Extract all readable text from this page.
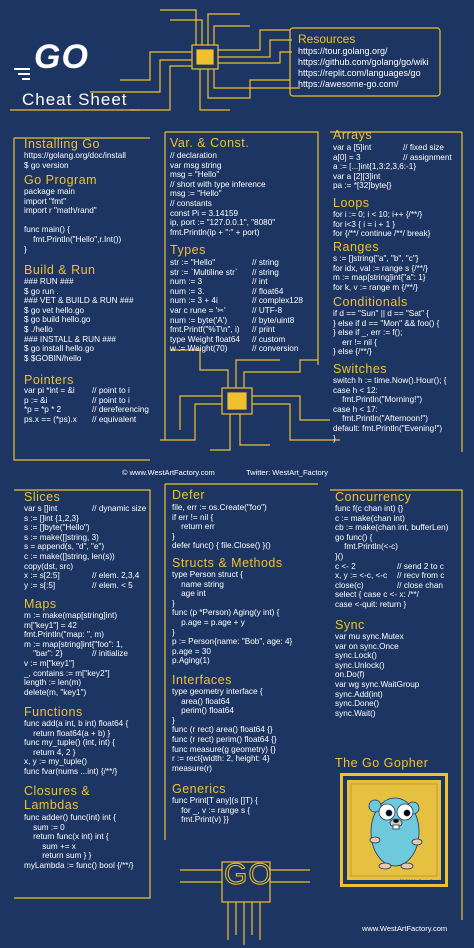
GO
Cheat Sheet
Resources
https://tour.golang.org/
https://github.com/golang/go/wiki
https://replit.com/languages/go
https://awesome-go.com/
Installing Go
https://golang.org/doc/install
$ go version
Go Program
package main
import "fmt"
import r "math/rand"

func main() {
fmt.Println("Hello",r.Int())
}
Build & Run
### RUN ###
$ go run .
### VET & BUILD & RUN ###
$ go vet hello.go
$ go build hello.go
$ ./hello
### INSTALL & RUN ###
$ go install hello.go
$ $GOBIN/hello
Pointers
var pi *int = &i // point to i
p := &i	// point to i
*p = *p * 2	// dereferencing
ps.x == (*ps).x // equivalent
Var. & Const.
// declaration
var msg string
msg = "Hello"
// short with type inference
msg := "Hello"
// constants
const Pi = 3.14159
ip, port := "127.0.0.1", "8080"
fmt.Println(ip + ":" + port)
Types
str := "Hello"	// string
str := `Multiline str` // string
num := 3	// int
num := 3.	// float64
num := 3 + 4i	// complex128
var c rune = '✂'	// UTF-8
num := byte('A')	// byte/uint8
fmt.Printf("%T\n", i) // print
type Weight float64 // custom
w := Weight(70)	// conversion
Arrays
var a [5]int	// fixed size
a[0] = 3	// assignment
a := [...]int{1,3:2,3,6:-1}
var a [2][3]int
pa := *[32]byte{}
Loops
for i := 0; i < 10; i++ {/**/}
for i<3 { i = i + 1 }
for {/**/ continue /**/ break}
Ranges
s := []string{"a", "b", "c"}
for idx, val := range s {/**/}
m := map[string]int{"a": 1}
for k, v := range m {/**/}
Conditionals
if d == "Sun" || d == "Sat" {
} else if d == "Mon" && foo() {
} else if _, err := f();
err != nil {
} else {/**/}
Switches
switch h := time.Now().Hour(); {
case h < 12:
fmt.Println("Morning!")
case h < 17:
fmt.Println("Afternoon!")
default: fmt.Println("Evening!")
}
© www.WestArtFactory.com	Twitter: WestArt_Factory
Slices
var s []int	// dynamic size
s := []int {1,2,3}
s := []byte("Hello")
s := make([]string, 3)
s = append(s, "d", "e")
c := make([]string, len(s))
copy(dst, src)
x := s[2:5]	// elem. 2,3,4
y := s[:5]	// elem. < 5
Maps
m := make(map[string]int)
m["key1"] = 42
fmt.Println("map: ", m)
m := map[string]int{"foo": 1,
"bar": 2}	// initialize
v := m["key1"]
_, contains := m["key2"]
length := len(m)
delete(m, "key1")
Functions
func add(a int, b int) float64 {
return float64(a + b) }
func my_tuple() (int, int) {
return 4, 2 }
x, y := my_tuple()
func fvar(nums ...int) {/**/}
Closures &
Lambdas
func adder() func(int) int {
sum := 0
return func(x int) int {
sum += x
return sum } }
myLambda := func() bool {/**/}
Defer
file, err := os.Create("foo")
if err != nil {
return err
}
defer func() { file.Close() }()
Structs & Methods
type Person struct {
name string
age int
}
func (p *Person) Aging(y int) {
p.age = p.age + y
}
p := Person{name: "Bob", age: 4}
p.age = 30
p.Aging(1)
Interfaces
type geometry interface {
area() float64
perim() float64
}
func (r rect) area() float64 {}
func (r rect) perim() float64 {}
func measure(g geometry) {}
r := rect{width: 2, height: 4}
measure(r)
Generics
func Print[T any](s []T) {
for _, v := range s {
fmt.Print(v) }}
GO
Concurrency
func f(c chan int) {}
c := make(chan int)
cb := make(chan int, bufferLen)
go func() {
fmt.Println(<-c)
}()
c <- 2	// send 2 to c
x, y := <-c, <-c // recv from c
close(c)	// close chan
select { case c <- x: /**/
case <-quit: return }
Sync
var mu sync.Mutex
var on sync.Once
sync.Lock()
sync.Unlock()
on.Do(f)
var wg sync.WaitGroup
sync.Add(int)
sync.Done()
sync.Wait()
The Go Gopher
CC BY 3.0 - Renee French
www.WestArtFactory.com
